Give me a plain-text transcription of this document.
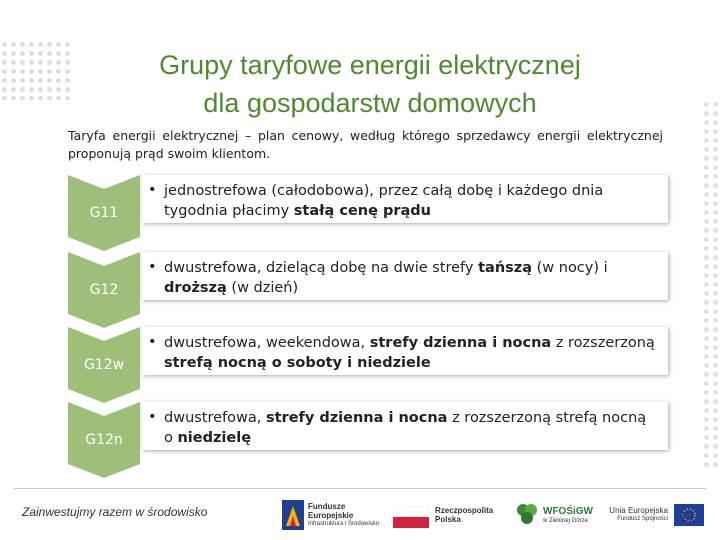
Grupy taryfowe energii elektrycznej
dla gospodarstw domowych
Taryfa energii elektrycznej – plan cenowy, według którego sprzedawcy energii elektrycznej proponują prąd swoim klientom.
G11
• jednostrefowa (całodobowa), przez całą dobę i każdego dnia tygodnia płacimy stałą cenę prądu
G12
• dwustrefowa, dzielącą dobę na dwie strefy tańszą (w nocy) i droższą (w dzień)
G12w
• dwustrefowa, weekendowa, strefy dzienna i nocna z rozszerzoną strefą nocną o soboty i niedziele
G12n
• dwustrefowa, strefy dzienna i nocna z rozszerzoną strefą nocną o niedzielę
Zainwestujmy razem w środowisko	Fundusze
Europejskie
Infrastruktura i Środowisko
Rzeczpospolita
Polska
WFOŚiGW
w Zielonej Górze
Unia Europejska
Fundusz Spójności 17
